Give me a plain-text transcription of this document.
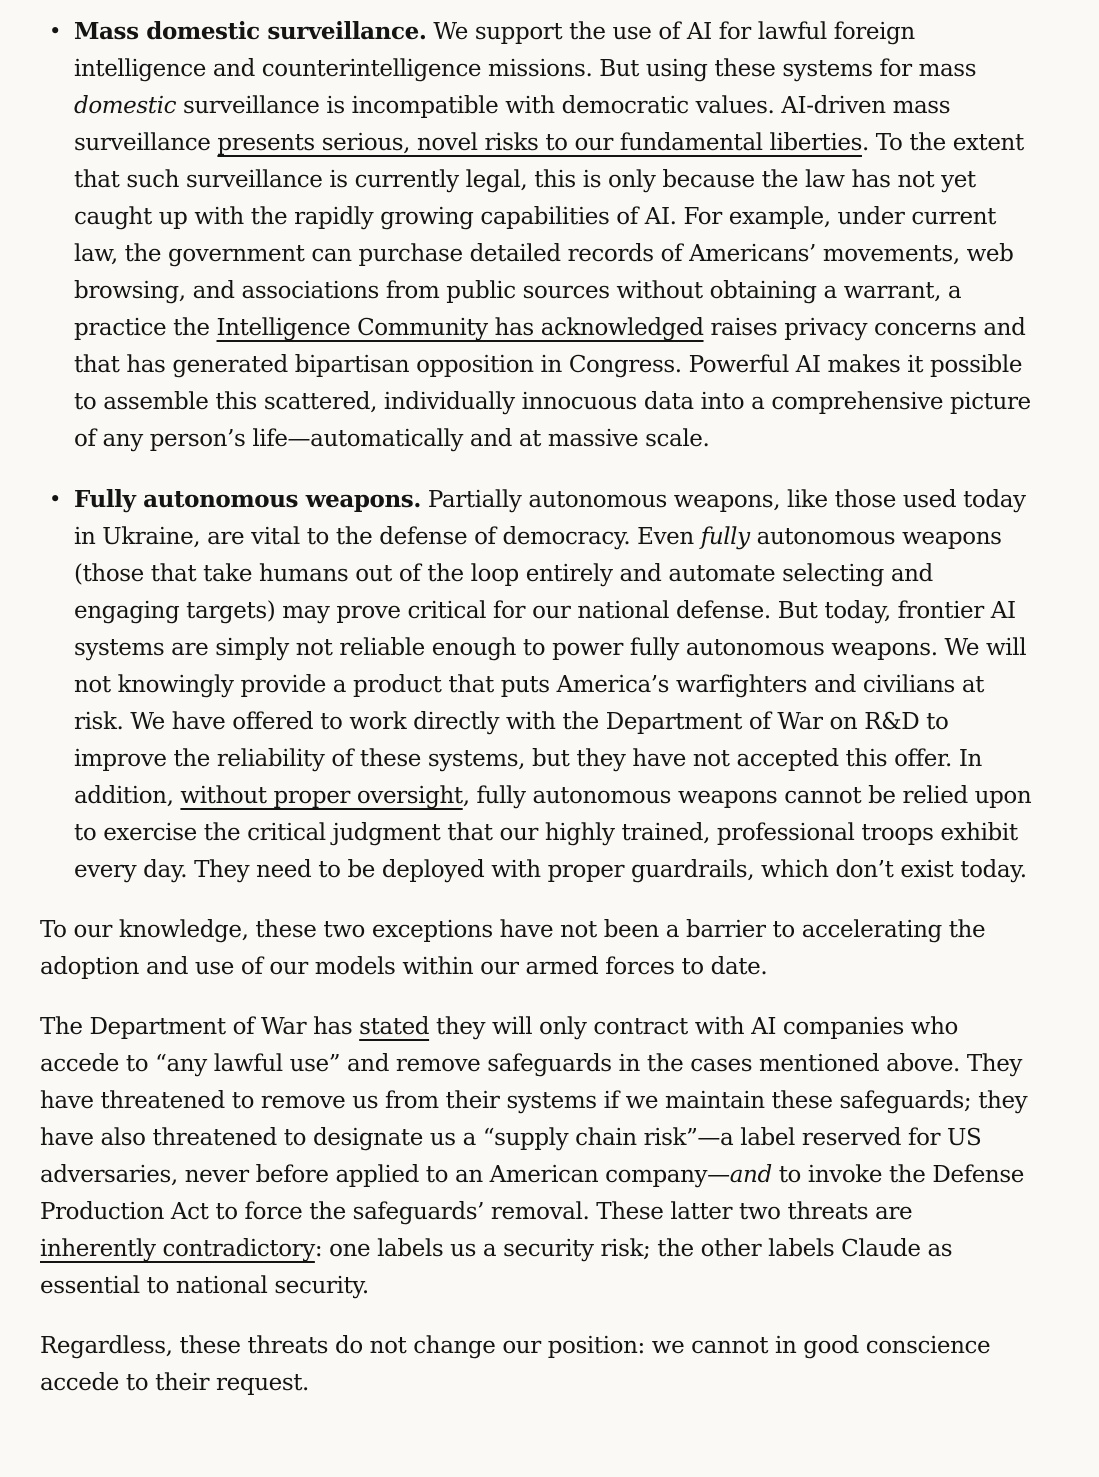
• Mass domestic surveillance. We support the use of AI for lawful foreign intelligence and counterintelligence missions. But using these systems for mass domestic surveillance is incompatible with democratic values. AI-driven mass surveillance presents serious, novel risks to our fundamental liberties. To the extent that such surveillance is currently legal, this is only because the law has not yet caught up with the rapidly growing capabilities of AI. For example, under current law, the government can purchase detailed records of Americans’ movements, web browsing, and associations from public sources without obtaining a warrant, a practice the Intelligence Community has acknowledged raises privacy concerns and that has generated bipartisan opposition in Congress. Powerful AI makes it possible to assemble this scattered, individually innocuous data into a comprehensive picture of any person’s life—automatically and at massive scale.
• Fully autonomous weapons. Partially autonomous weapons, like those used today in Ukraine, are vital to the defense of democracy. Even fully autonomous weapons (those that take humans out of the loop entirely and automate selecting and engaging targets) may prove critical for our national defense. But today, frontier AI systems are simply not reliable enough to power fully autonomous weapons. We will not knowingly provide a product that puts America’s warfighters and civilians at risk. We have offered to work directly with the Department of War on R&D to improve the reliability of these systems, but they have not accepted this offer. In addition, without proper oversight, fully autonomous weapons cannot be relied upon to exercise the critical judgment that our highly trained, professional troops exhibit every day. They need to be deployed with proper guardrails, which don’t exist today.

To our knowledge, these two exceptions have not been a barrier to accelerating the adoption and use of our models within our armed forces to date.

The Department of War has stated they will only contract with AI companies who accede to “any lawful use” and remove safeguards in the cases mentioned above. They have threatened to remove us from their systems if we maintain these safeguards; they have also threatened to designate us a “supply chain risk”—a label reserved for US adversaries, never before applied to an American company—and to invoke the Defense Production Act to force the safeguards’ removal. These latter two threats are inherently contradictory: one labels us a security risk; the other labels Claude as essential to national security.

Regardless, these threats do not change our position: we cannot in good conscience accede to their request.
